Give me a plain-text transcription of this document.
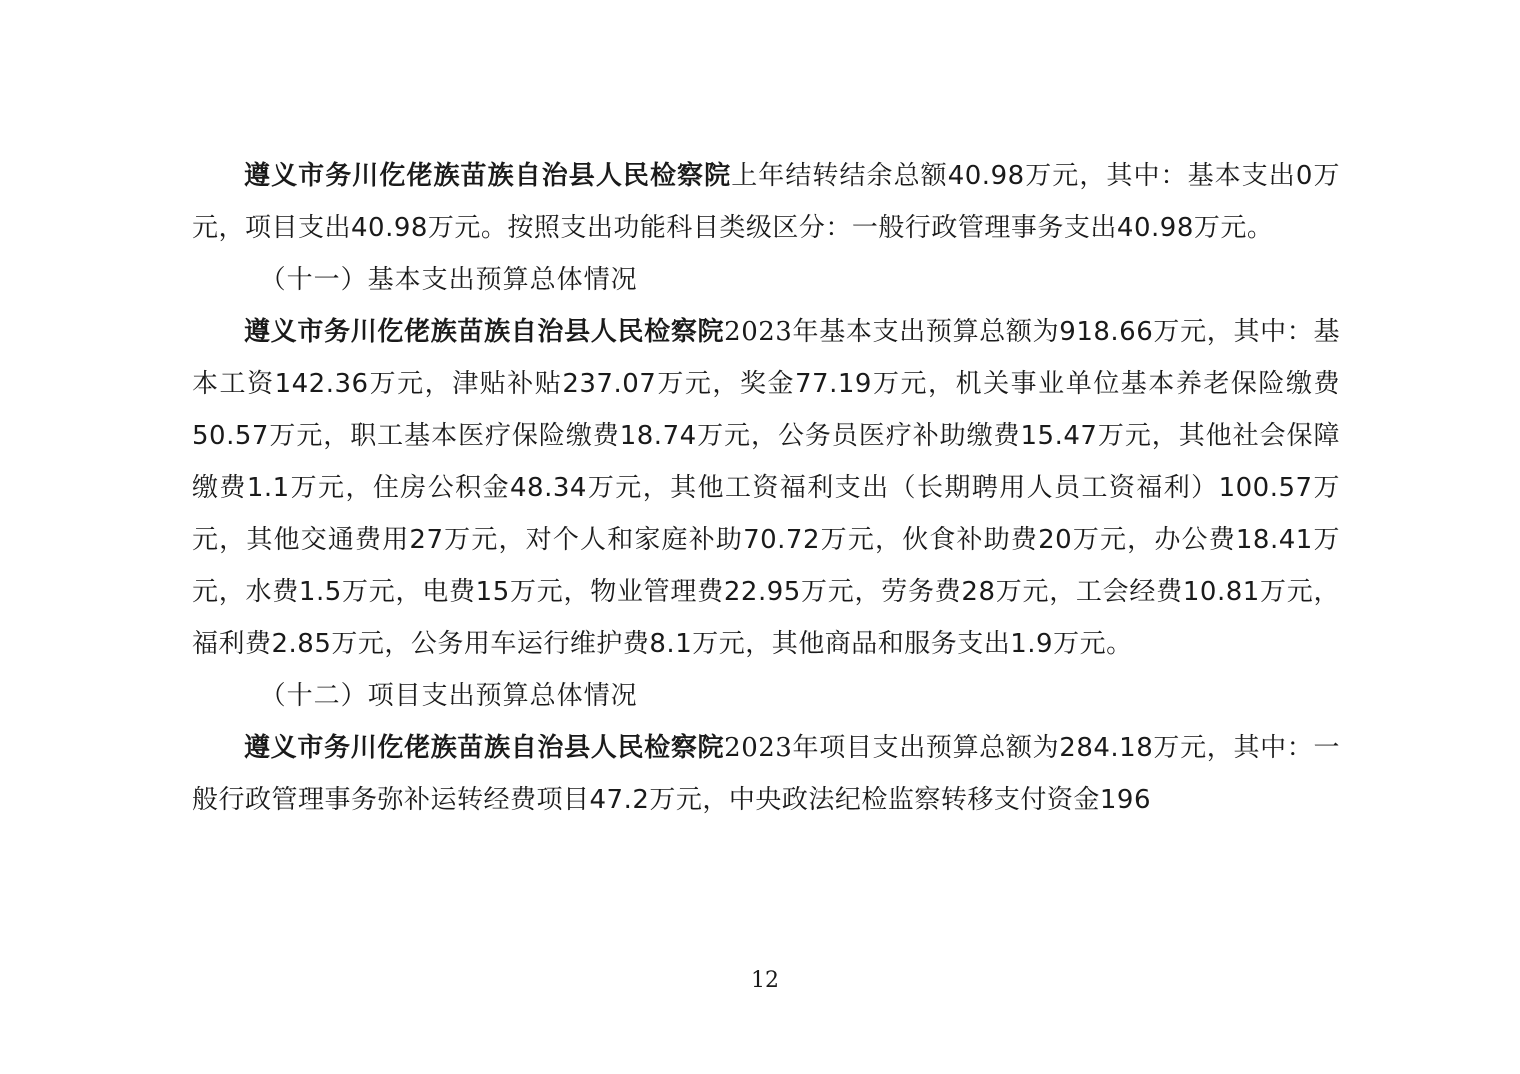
遵义市务川仡佬族苗族自治县人民检察院上年结转结余总额40.98万元，其中：基本支出0万元，项目支出40.98万元。按照支出功能科目类级区分：一般行政管理事务支出40.98万元。

（十一）基本支出预算总体情况

遵义市务川仡佬族苗族自治县人民检察院2023年基本支出预算总额为918.66万元，其中：基本工资142.36万元，津贴补贴237.07万元，奖金77.19万元，机关事业单位基本养老保险缴费50.57万元，职工基本医疗保险缴费18.74万元，公务员医疗补助缴费15.47万元，其他社会保障缴费1.1万元，住房公积金48.34万元，其他工资福利支出（长期聘用人员工资福利）100.57万元，其他交通费用27万元，对个人和家庭补助70.72万元，伙食补助费20万元，办公费18.41万元，水费1.5万元，电费15万元，物业管理费22.95万元，劳务费28万元，工会经费10.81万元，福利费2.85万元，公务用车运行维护费8.1万元，其他商品和服务支出1.9万元。

（十二）项目支出预算总体情况

遵义市务川仡佬族苗族自治县人民检察院2023年项目支出预算总额为284.18万元，其中：一般行政管理事务弥补运转经费项目47.2万元，中央政法纪检监察转移支付资金196

12
